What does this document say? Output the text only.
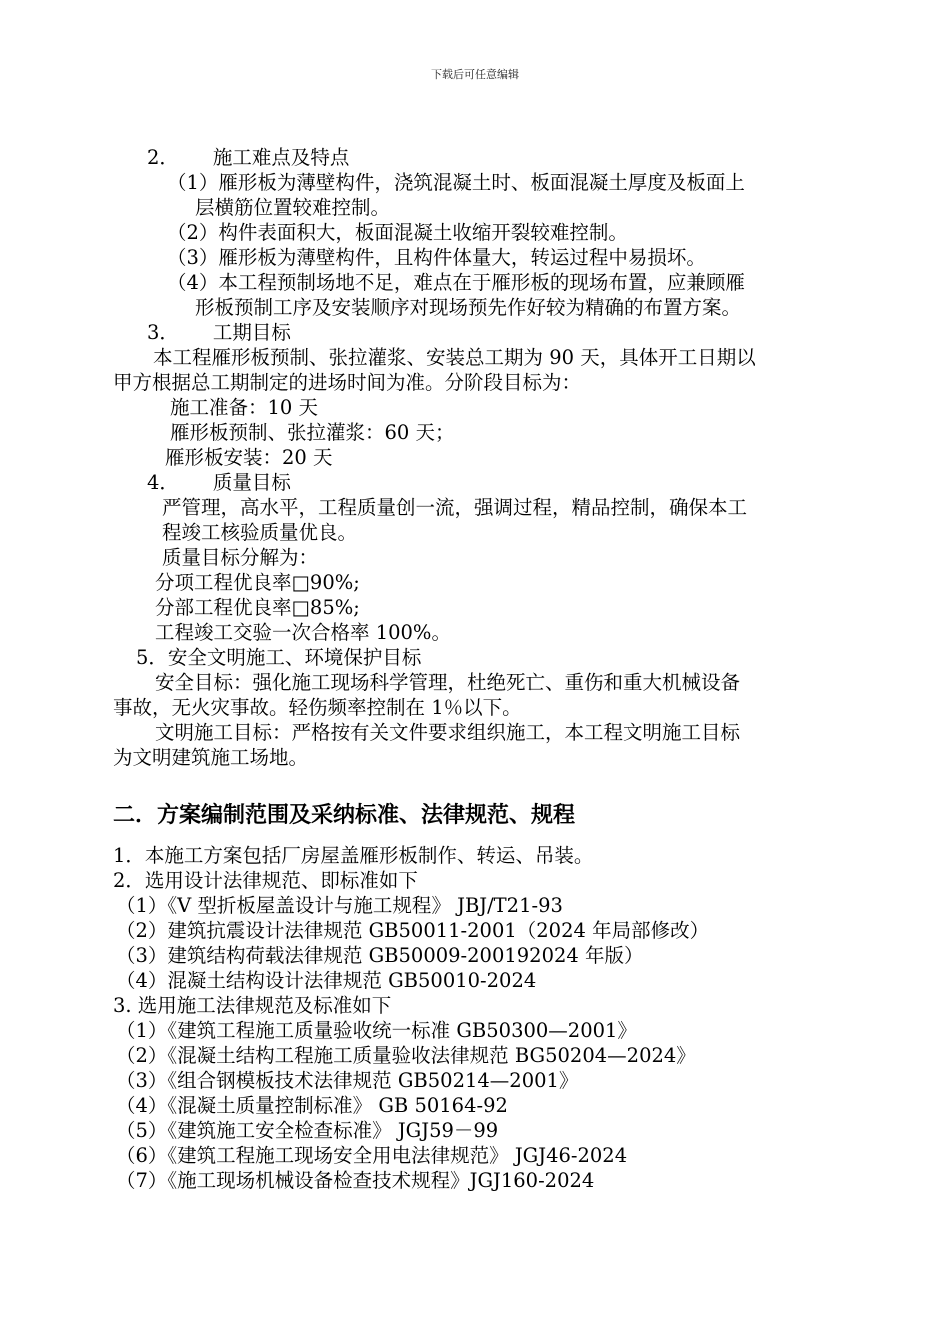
下载后可任意编辑
2． 施工难点及特点
（1）雁形板为薄壁构件，浇筑混凝土时、板面混凝土厚度及板面上
层横筋位置较难控制。
（2）构件表面积大，板面混凝土收缩开裂较难控制。
（3）雁形板为薄壁构件，且构件体量大，转运过程中易损坏。
（4）本工程预制场地不足，难点在于雁形板的现场布置，应兼顾雁
形板预制工序及安装顺序对现场预先作好较为精确的布置方案。
3． 工期目标
本工程雁形板预制、张拉灌浆、安装总工期为 90 天，具体开工日期以
甲方根据总工期制定的进场时间为准。分阶段目标为：
施工准备：10 天
雁形板预制、张拉灌浆：60 天；
雁形板安装：20 天
4． 质量目标
严管理，高水平，工程质量创一流，强调过程，精品控制，确保本工
程竣工核验质量优良。
质量目标分解为：
分项工程优良率□90%;
分部工程优良率□85%;
工程竣工交验一次合格率 100%。
5．安全文明施工、环境保护目标
安全目标：强化施工现场科学管理，杜绝死亡、重伤和重大机械设备
事故，无火灾事故。轻伤频率控制在 1％以下。
文明施工目标：严格按有关文件要求组织施工，本工程文明施工目标
为文明建筑施工场地。
二．方案编制范围及采纳标准、法律规范、规程
1．本施工方案包括厂房屋盖雁形板制作、转运、吊装。
2．选用设计法律规范、即标准如下
（1）《V 型折板屋盖设计与施工规程》 JBJ/T21-93
（2）建筑抗震设计法律规范 GB50011-2001（2024 年局部修改）
（3）建筑结构荷载法律规范 GB50009-200192024 年版）
（4）混凝土结构设计法律规范 GB50010-2024
3. 选用施工法律规范及标准如下
（1）《建筑工程施工质量验收统一标准 GB50300—2001》
（2）《混凝土结构工程施工质量验收法律规范 BG50204—2024》
（3）《组合钢模板技术法律规范 GB50214—2001》
（4）《混凝土质量控制标准》 GB 50164-92
（5）《建筑施工安全检查标准》 JGJ59－99
（6）《建筑工程施工现场安全用电法律规范》 JGJ46-2024
（7）《施工现场机械设备检查技术规程》JGJ160-2024
